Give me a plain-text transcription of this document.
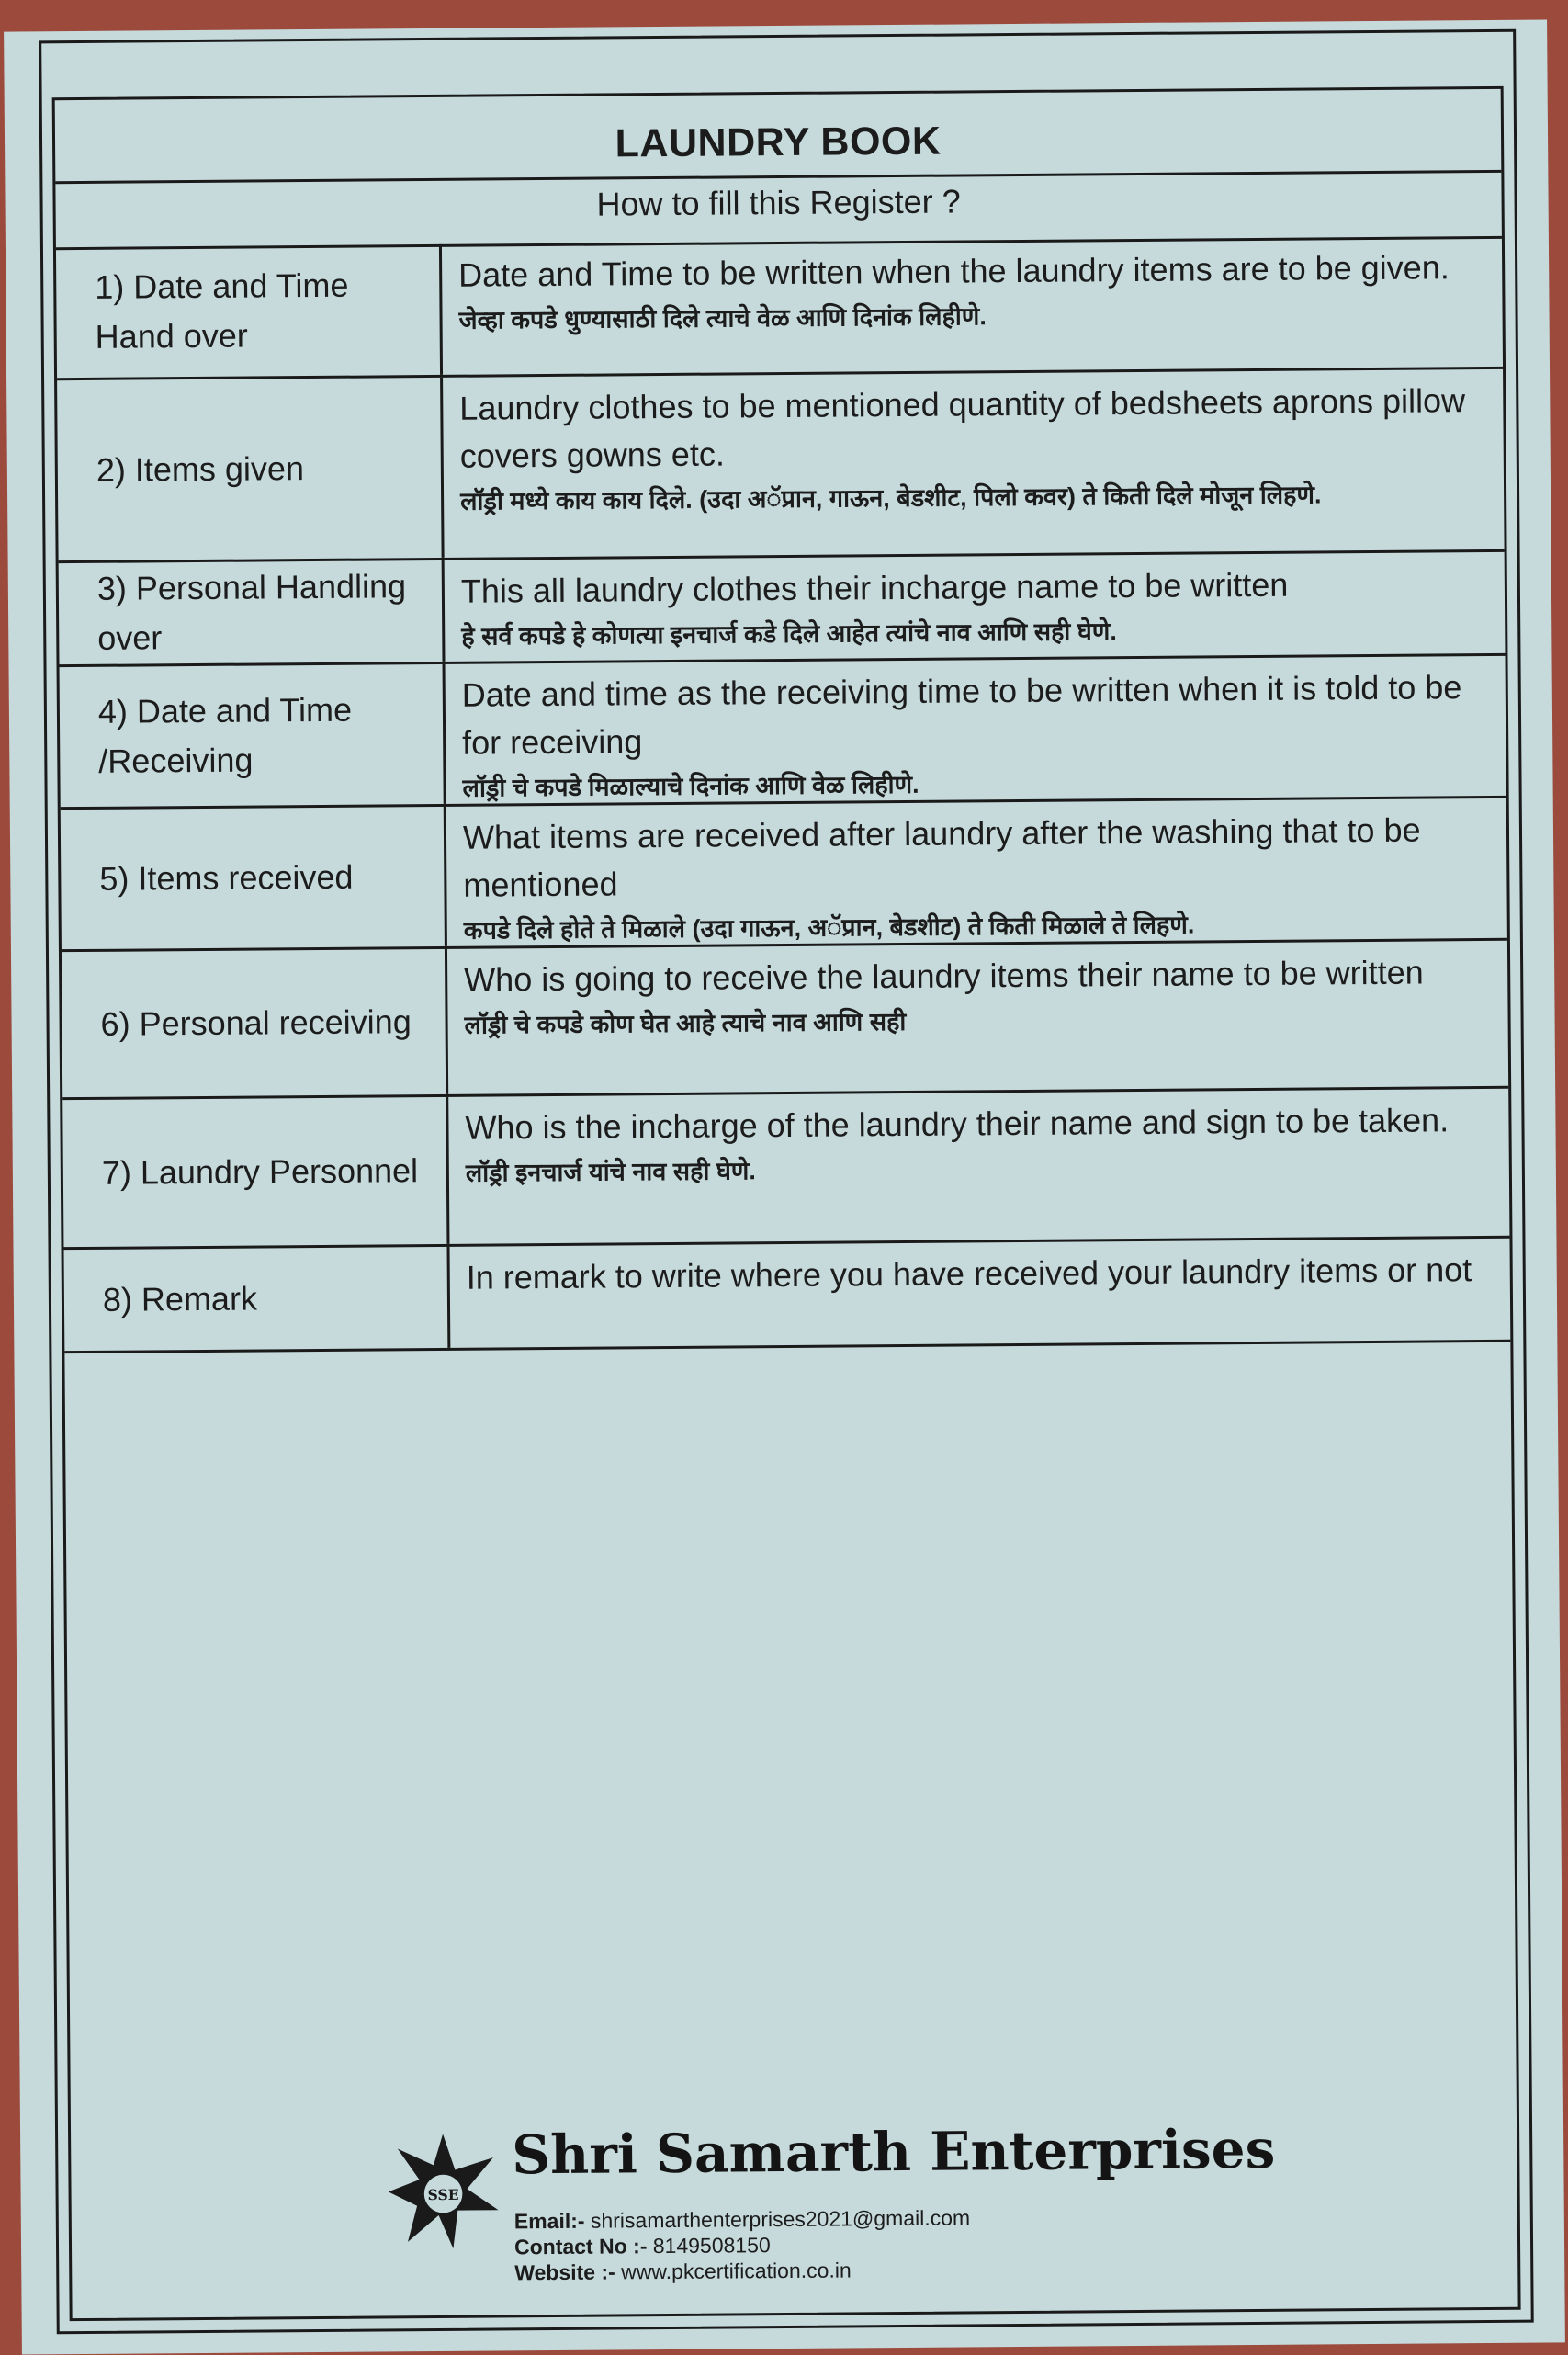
LAUNDRY BOOK
How to fill this Register ?
1) Date and Time Hand over
Date and Time to be written when the laundry items are to be given.
जेव्हा कपडे धुण्यासाठी दिले त्याचे वेळ आणि दिनांक लिहीणे.
2) Items given
Laundry clothes to be mentioned quantity of bedsheets aprons pillow covers gowns etc.
लॉड्री मध्ये काय काय दिले. (उदा अॅप्रान, गाऊन, बेडशीट, पिलो कवर) ते किती दिले मोजून लिहणे.
3) Personal Handling over
This all laundry clothes their incharge name to be written
हे सर्व कपडे हे कोणत्या इनचार्ज कडे दिले आहेत त्यांचे नाव आणि सही घेणे.
4) Date and Time /Receiving
Date and time as the receiving time to be written when it is told to be for receiving
लॉड्री चे कपडे मिळाल्याचे दिनांक आणि वेळ लिहीणे.
5) Items received
What items are received after laundry after the washing that to be mentioned
कपडे दिले होते ते मिळाले (उदा गाऊन, अॅप्रान, बेडशीट) ते किती मिळाले ते लिहणे.
6) Personal receiving
Who is going to receive the laundry items their name to be written
लॉड्री चे कपडे कोण घेत आहे त्याचे नाव आणि सही
7) Laundry Personnel
Who is the incharge of the laundry their name and sign to be taken.
लॉड्री इनचार्ज यांचे नाव सही घेणे.
8) Remark
In remark to write where you have received your laundry items or not
SSE
Shri Samarth Enterprises
Email:- shrisamarthenterprises2021@gmail.com
Contact No :- 8149508150
Website :- www.pkcertification.co.in
